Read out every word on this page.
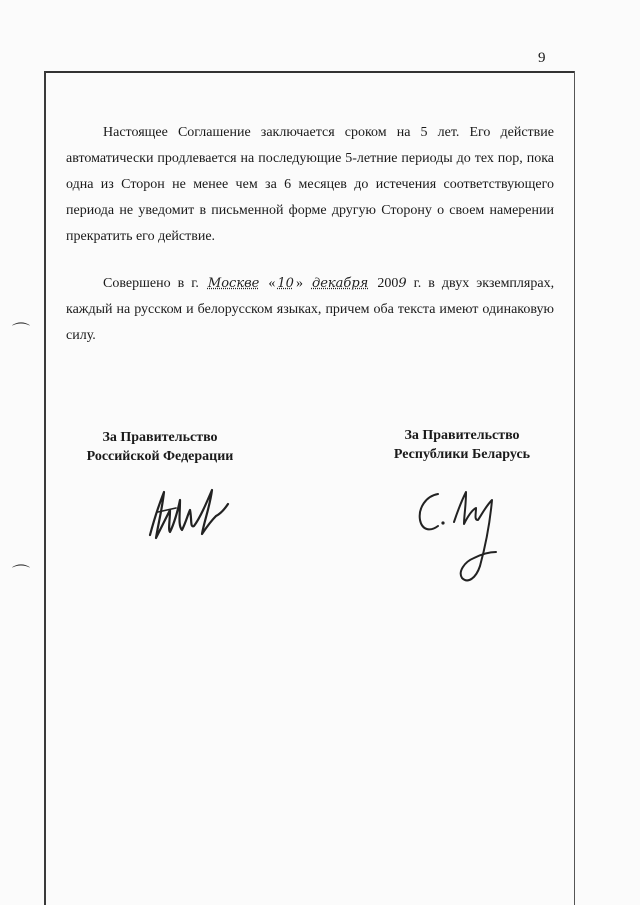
9
⌒
⌒

Настоящее Соглашение заключается сроком на 5 лет. Его действие автоматически продлевается на последующие 5-летние периоды до тех пор, пока одна из Сторон не менее чем за 6 месяцев до истечения соответствующего периода не уведомит в письменной форме другую Сторону о своем намерении прекратить его действие.

Совершено в г. Москве « 10 » декабря 2009 г. в двух экземплярах, каждый на русском и белорусском языках, причем оба текста имеют одинаковую силу.

За Правительство
Российской Федерации
За Правительство
Республики Беларусь
